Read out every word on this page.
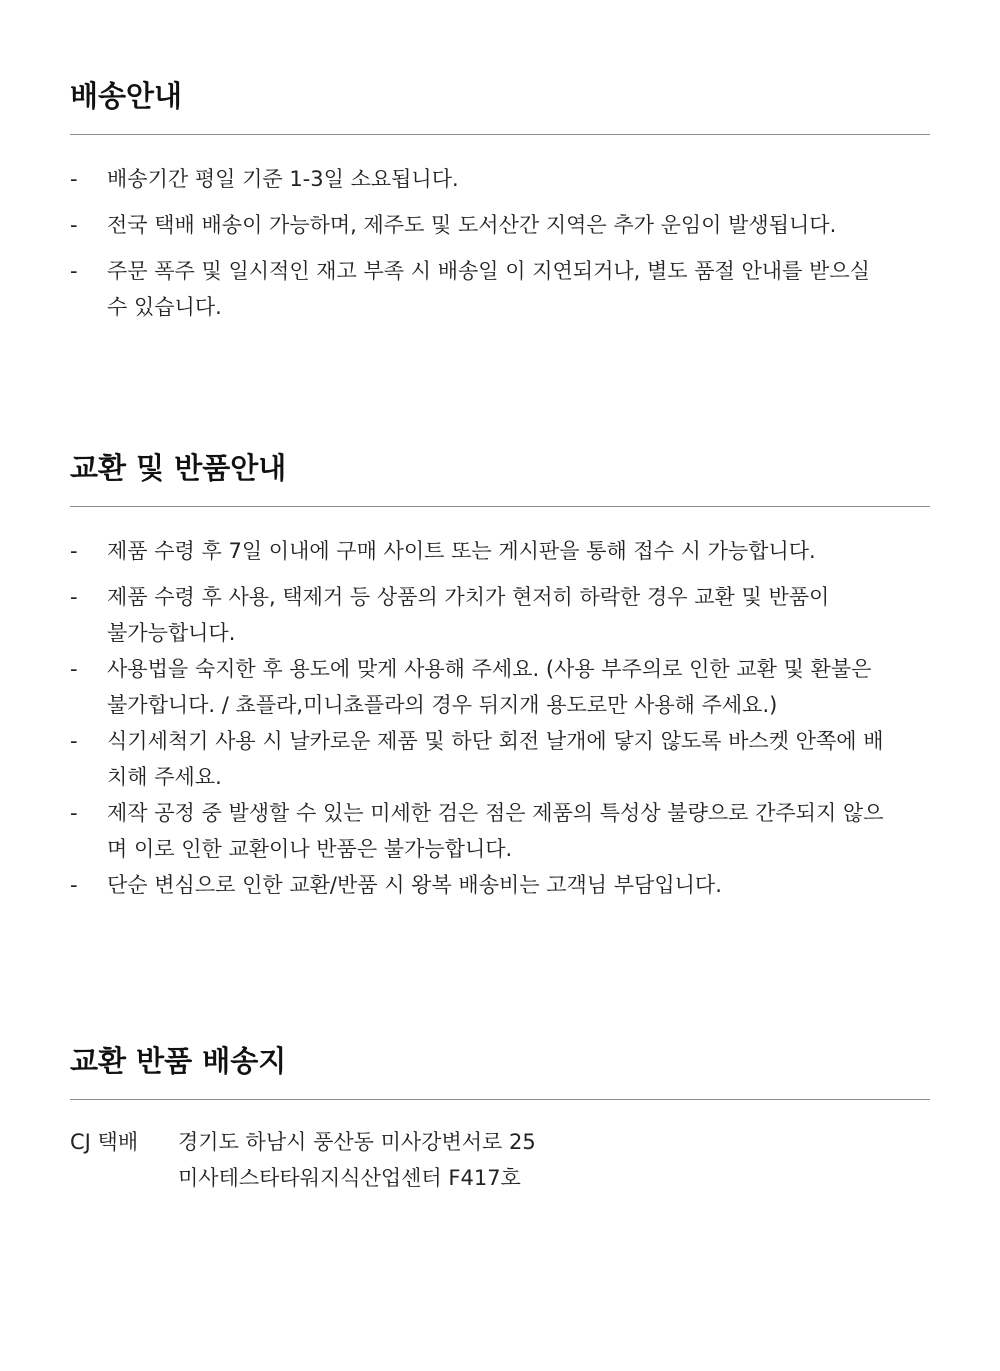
배송안내
- 배송기간 평일 기준 1-3일 소요됩니다.
- 전국 택배 배송이 가능하며, 제주도 및 도서산간 지역은 추가 운임이 발생됩니다.
- 주문 폭주 및 일시적인 재고 부족 시 배송일 이 지연되거나, 별도 품절 안내를 받으실
수 있습니다.
교환 및 반품안내
- 제품 수령 후 7일 이내에 구매 사이트 또는 게시판을 통해 접수 시 가능합니다.
- 제품 수령 후 사용, 택제거 등 상품의 가치가 현저히 하락한 경우 교환 및 반품이
불가능합니다.
- 사용법을 숙지한 후 용도에 맞게 사용해 주세요. (사용 부주의로 인한 교환 및 환불은
불가합니다. / 쵸플라,미니쵸플라의 경우 뒤지개 용도로만 사용해 주세요.)
- 식기세척기 사용 시 날카로운 제품 및 하단 회전 날개에 닿지 않도록 바스켓 안쪽에 배
치해 주세요.
- 제작 공정 중 발생할 수 있는 미세한 검은 점은 제품의 특성상 불량으로 간주되지 않으
며 이로 인한 교환이나 반품은 불가능합니다.
- 단순 변심으로 인한 교환/반품 시 왕복 배송비는 고객님 부담입니다.
교환 반품 배송지
CJ 택배	경기도 하남시 풍산동 미사강변서로 25
미사테스타타워지식산업센터 F417호
